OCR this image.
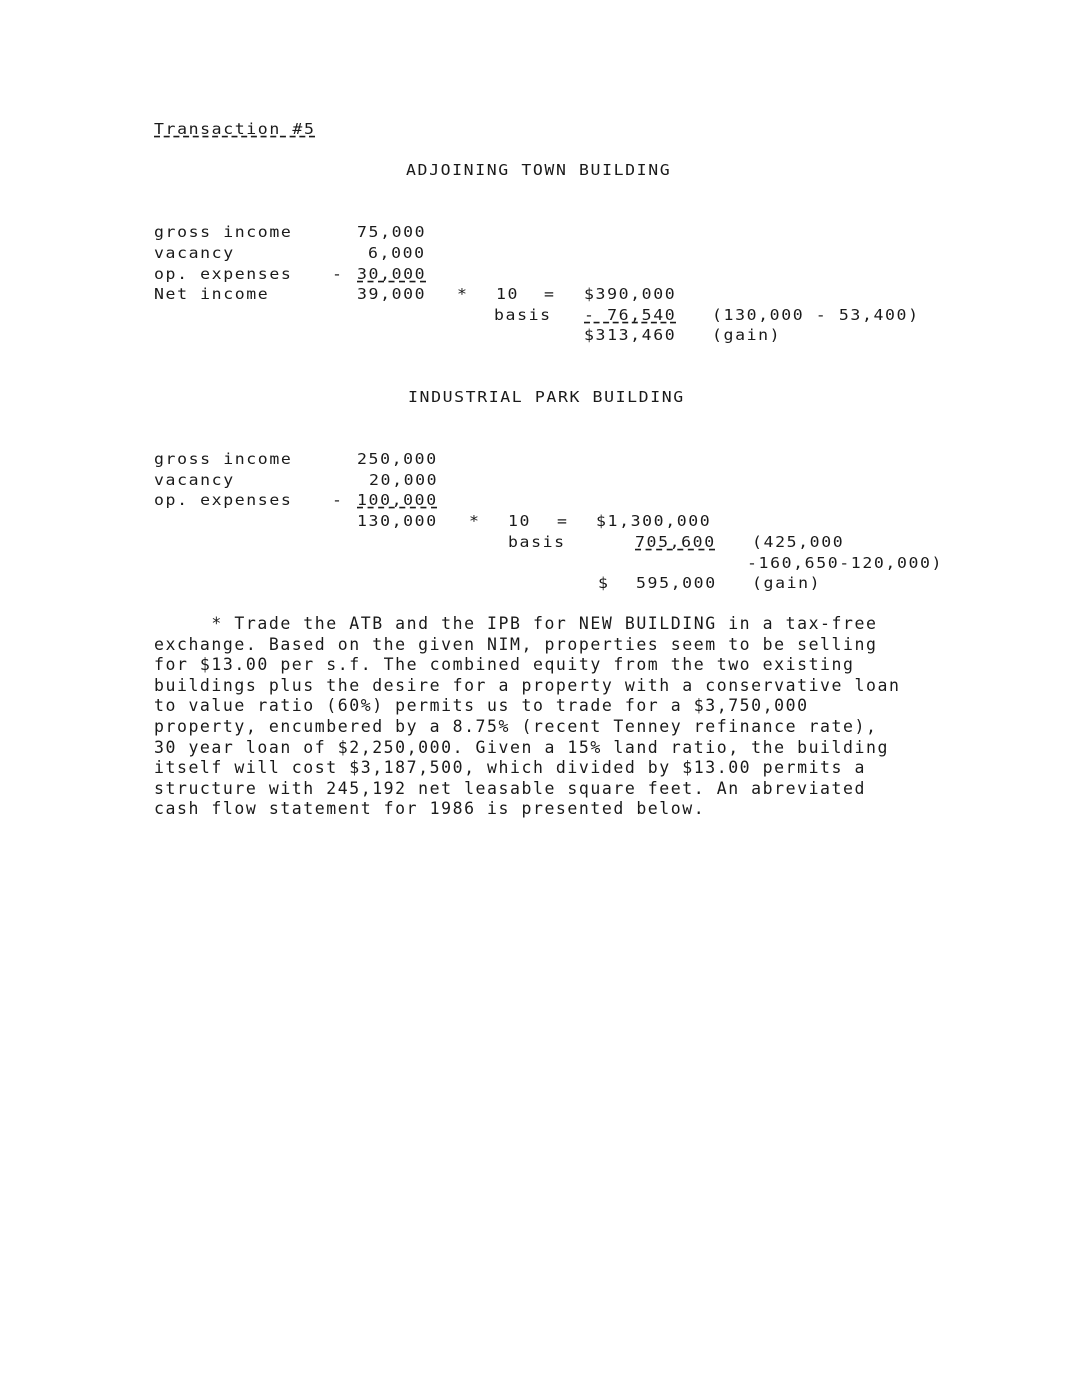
Transaction #5
ADJOINING TOWN BUILDING
gross income
vacancy
op. expenses
Net income
75,000
6,000
- 30,000
39,000 * 10 = $390,000
basis - 76,540 (130,000 - 53,400)
$313,460 (gain)
INDUSTRIAL PARK BUILDING
gross income
vacancy
op. expenses
250,000
20,000
- 100,000
130,000 * 10 = $1,300,000
basis	705,600 (425,000
-160,650-120,000)
$ 595,000 (gain)
* Trade the ATB and the IPB for NEW BUILDING in a tax-free
exchange. Based on the given NIM, properties seem to be selling
for $13.00 per s.f. The combined equity from the two existing
buildings plus the desire for a property with a conservative loan
to value ratio (60%) permits us to trade for a $3,750,000
property, encumbered by a 8.75% (recent Tenney refinance rate),
30 year loan of $2,250,000. Given a 15% land ratio, the building
itself will cost $3,187,500, which divided by $13.00 permits a
structure with 245,192 net leasable square feet. An abreviated
cash flow statement for 1986 is presented below.
